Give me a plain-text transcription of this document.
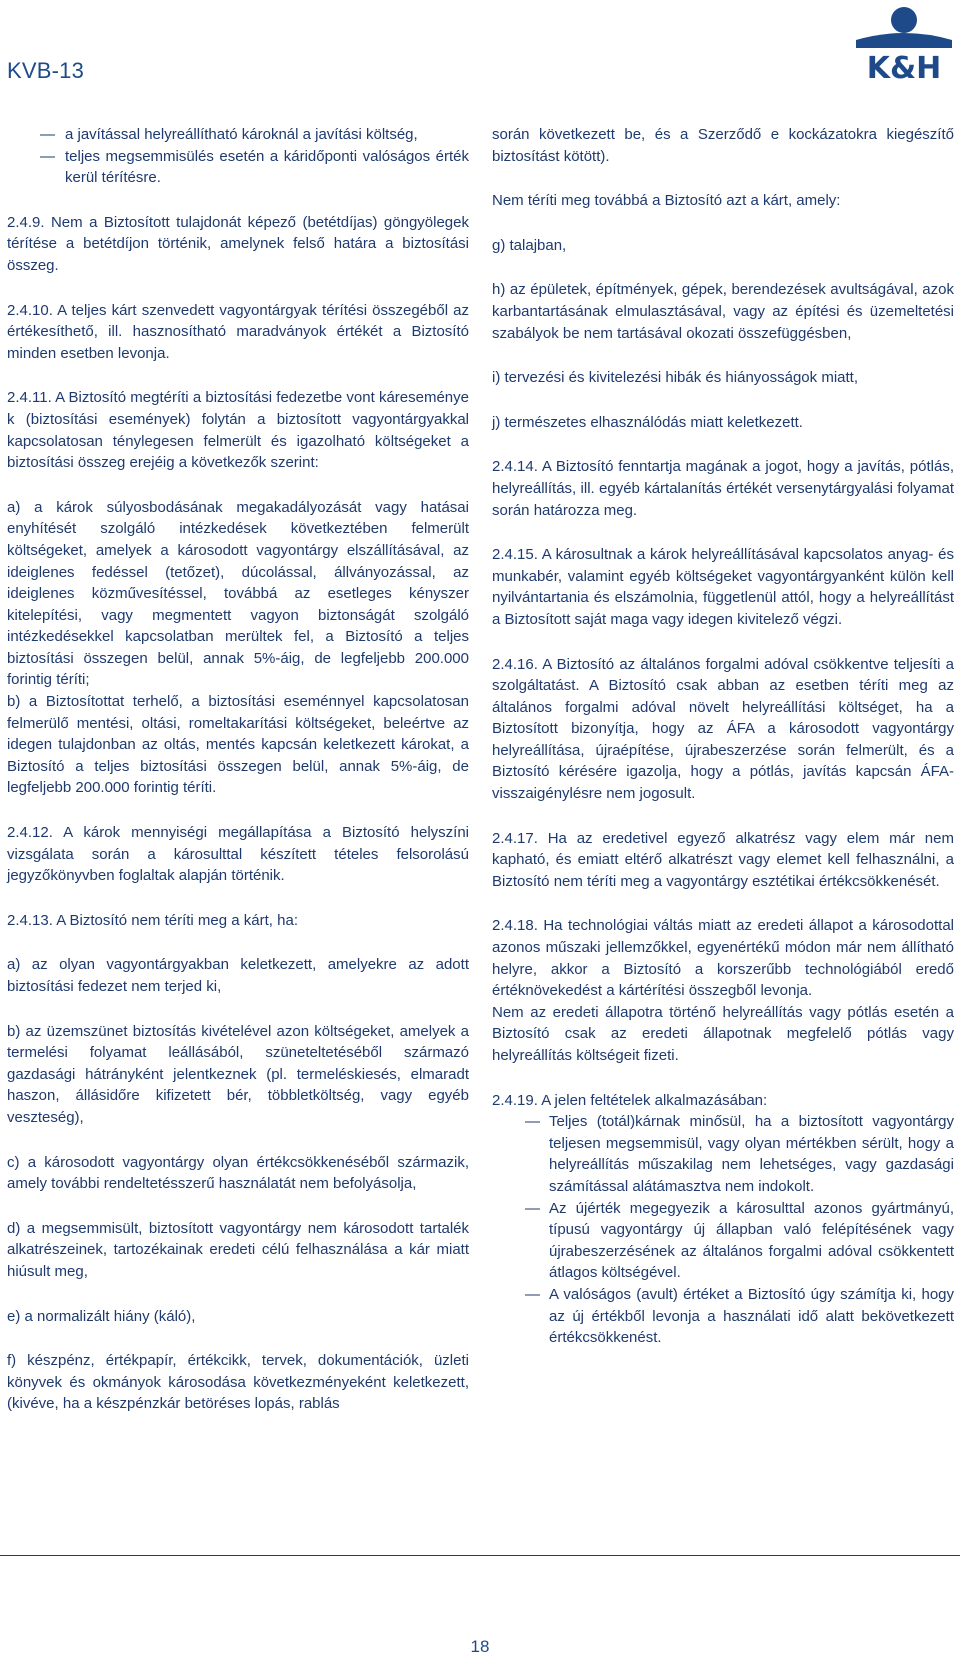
KVB-13	K&H
— a javítással helyreállítható károknál a javítási költség,
— teljes megsemmisülés esetén a káridőponti valóságos érték kerül térítésre.

2.4.9. Nem a Biztosított tulajdonát képező (betétdíjas) göngyölegek térítése a betétdíjon történik, amelynek felső határa a biztosítási összeg.

2.4.10. A teljes kárt szenvedett vagyontárgyak térítési összegéből az értékesíthető, ill. hasznosítható maradványok értékét a Biztosító minden esetben levonja.

2.4.11. A Biztosító megtéríti a biztosítási fedezetbe vont káreseménye k (biztosítási események) folytán a biztosított vagyontárgyakkal kapcsolatosan ténylegesen felmerült és igazolható költségeket a biztosítási összeg erejéig a következők szerint:

a) a károk súlyosbodásának megakadályozását vagy hatásai enyhítését szolgáló intézkedések következtében felmerült költségeket, amelyek a károsodott vagyontárgy elszállításával, az ideiglenes fedéssel (tetőzet), dúcolással, állványozással, az ideiglenes közművesítéssel, továbbá az esetleges kényszer kitelepítési, vagy megmentett vagyon biztonságát szolgáló intézkedésekkel kapcsolatban merültek fel, a Biztosító a teljes biztosítási összegen belül, annak 5%-áig, de legfeljebb 200.000 forintig téríti;

b) a Biztosítottat terhelő, a biztosítási eseménnyel kapcsolatosan felmerülő mentési, oltási, romeltakarítási költségeket, beleértve az idegen tulajdonban az oltás, mentés kapcsán keletkezett károkat, a Biztosító a teljes biztosítási összegen belül, annak 5%-áig, de legfeljebb 200.000 forintig téríti.

2.4.12. A károk mennyiségi megállapítása a Biztosító helyszíni vizsgálata során a károsulttal készített tételes felsorolású jegyzőkönyvben foglaltak alapján történik.

2.4.13. A Biztosító nem téríti meg a kárt, ha:

a) az olyan vagyontárgyakban keletkezett, amelyekre az adott biztosítási fedezet nem terjed ki,

b) az üzemszünet biztosítás kivételével azon költségeket, amelyek a termelési folyamat leállásából, szüneteltetéséből származó gazdasági hátrányként jelentkeznek (pl. termeléskiesés, elmaradt haszon, állásidőre kifizetett bér, többletköltség, vagy egyéb veszteség),

c) a károsodott vagyontárgy olyan értékcsökkenéséből származik, amely további rendeltetésszerű használatát nem befolyásolja,

d) a megsemmisült, biztosított vagyontárgy nem károsodott tartalék alkatrészeinek, tartozékainak eredeti célú felhasználása a kár miatt hiúsult meg,

e) a normalizált hiány (káló),

f) készpénz, értékpapír, értékcikk, tervek, dokumentációk, üzleti könyvek és okmányok károsodása következményeként keletkezett, (kivéve, ha a készpénzkár betöréses lopás, rablás

során következett be, és a Szerződő e kockázatokra kiegészítő biztosítást kötött).

Nem téríti meg továbbá a Biztosító azt a kárt, amely:

g) talajban,

h) az épületek, építmények, gépek, berendezések avultságával, azok karbantartásának elmulasztásával, vagy az építési és üzemeltetési szabályok be nem tartásával okozati összefüggésben,

i) tervezési és kivitelezési hibák és hiányosságok miatt,

j) természetes elhasználódás miatt keletkezett.

2.4.14. A Biztosító fenntartja magának a jogot, hogy a javítás, pótlás, helyreállítás, ill. egyéb kártalanítás értékét versenytárgyalási folyamat során határozza meg.

2.4.15. A károsultnak a károk helyreállításával kapcsolatos anyag- és munkabér, valamint egyéb költségeket vagyontárgyanként külön kell nyilvántartania és elszámolnia, függetlenül attól, hogy a helyreállítást a Biztosított saját maga vagy idegen kivitelező végzi.

2.4.16. A Biztosító az általános forgalmi adóval csökkentve teljesíti a szolgáltatást. A Biztosító csak abban az esetben téríti meg az általános forgalmi adóval növelt helyreállítási költséget, ha a Biztosított bizonyítja, hogy az ÁFA a károsodott vagyontárgy helyreállítása, újraépítése, újrabeszerzése során felmerült, és a Biztosító kérésére igazolja, hogy a pótlás, javítás kapcsán ÁFA-visszaigénylésre nem jogosult.

2.4.17. Ha az eredetivel egyező alkatrész vagy elem már nem kapható, és emiatt eltérő alkatrészt vagy elemet kell felhasználni, a Biztosító nem téríti meg a vagyontárgy esztétikai értékcsökkenését.

2.4.18. Ha technológiai váltás miatt az eredeti állapot a károsodottal azonos műszaki jellemzőkkel, egyenértékű módon már nem állítható helyre, akkor a Biztosító a korszerűbb technológiából eredő értéknövekedést a kártérítési összegből levonja.

Nem az eredeti állapotra történő helyreállítás vagy pótlás esetén a Biztosító csak az eredeti állapotnak megfelelő pótlás vagy helyreállítás költségeit fizeti.

2.4.19. A jelen feltételek alkalmazásában:

— Teljes (totál)kárnak minősül, ha a biztosított vagyontárgy teljesen megsemmisül, vagy olyan mértékben sérült, hogy a helyreállítás műszakilag nem lehetséges, vagy gazdasági számítással alátámasztva nem indokolt.
— Az újérték megegyezik a károsulttal azonos gyártmányú, típusú vagyontárgy új állapban való felépítésének vagy újrabeszerzésének az általános forgalmi adóval csökkentett átlagos költségével.
— A valóságos (avult) értéket a Biztosító úgy számítja ki, hogy az új értékből levonja a használati idő alatt bekövetkezett értékcsökkenést.
18
